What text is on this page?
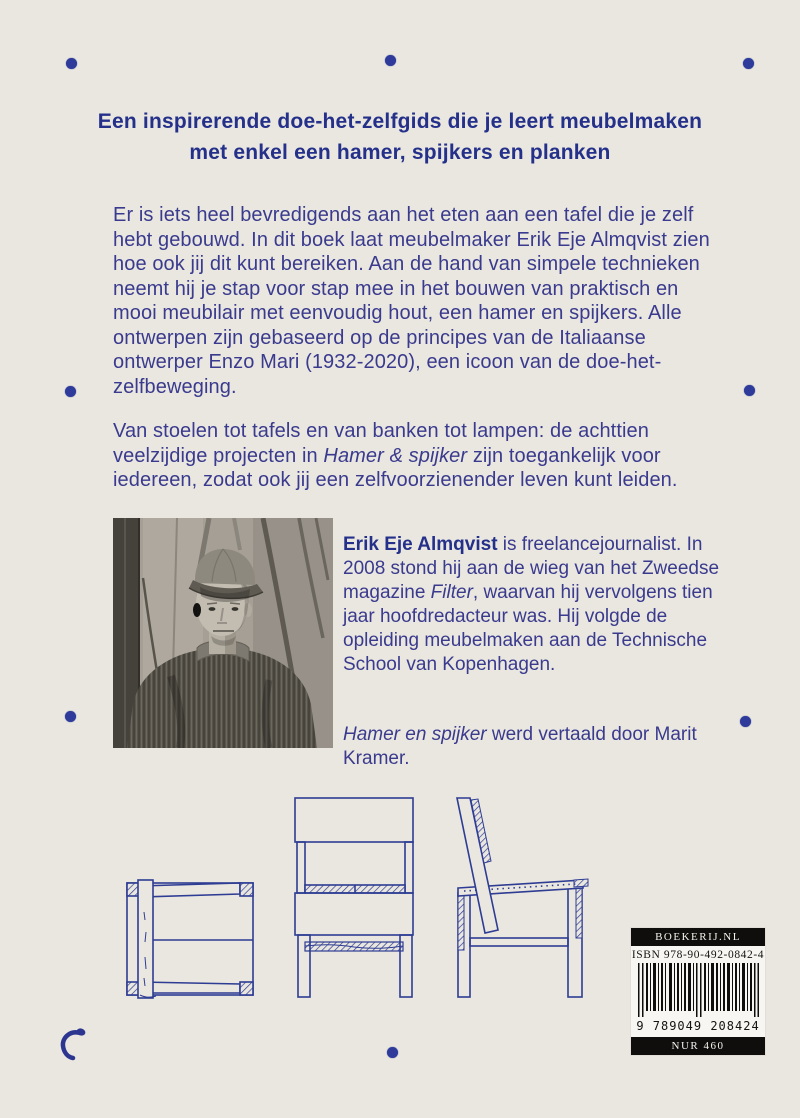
Een inspirerende doe-het-zelfgids die je leert meubelmaken
met enkel een hamer, spijkers en planken

Er is iets heel bevredigends aan het eten aan een tafel die je zelf hebt gebouwd. In dit boek laat meubelmaker Erik Eje Almqvist zien hoe ook jij dit kunt bereiken. Aan de hand van simpele technieken neemt hij je stap voor stap mee in het bouwen van praktisch en mooi meubilair met eenvoudig hout, een hamer en spijkers. Alle ontwerpen zijn gebaseerd op de principes van de Italiaanse ontwerper Enzo Mari (1932-2020), een icoon van de doe-het-zelfbeweging.

Van stoelen tot tafels en van banken tot lampen: de achttien veelzijdige projecten in Hamer & spijker zijn toegankelijk voor iedereen, zodat ook jij een zelfvoorzienender leven kunt leiden.

Erik Eje Almqvist is freelancejournalist. In 2008 stond hij aan de wieg van het Zweedse magazine Filter, waarvan hij vervolgens tien jaar hoofdredacteur was. Hij volgde de opleiding meubelmaken aan de Technische School van Kopenhagen.

Hamer en spijker werd vertaald door Marit Kramer.

BOEKERIJ.NL
ISBN 978-90-492-0842-4
9 789049 208424
NUR 460
